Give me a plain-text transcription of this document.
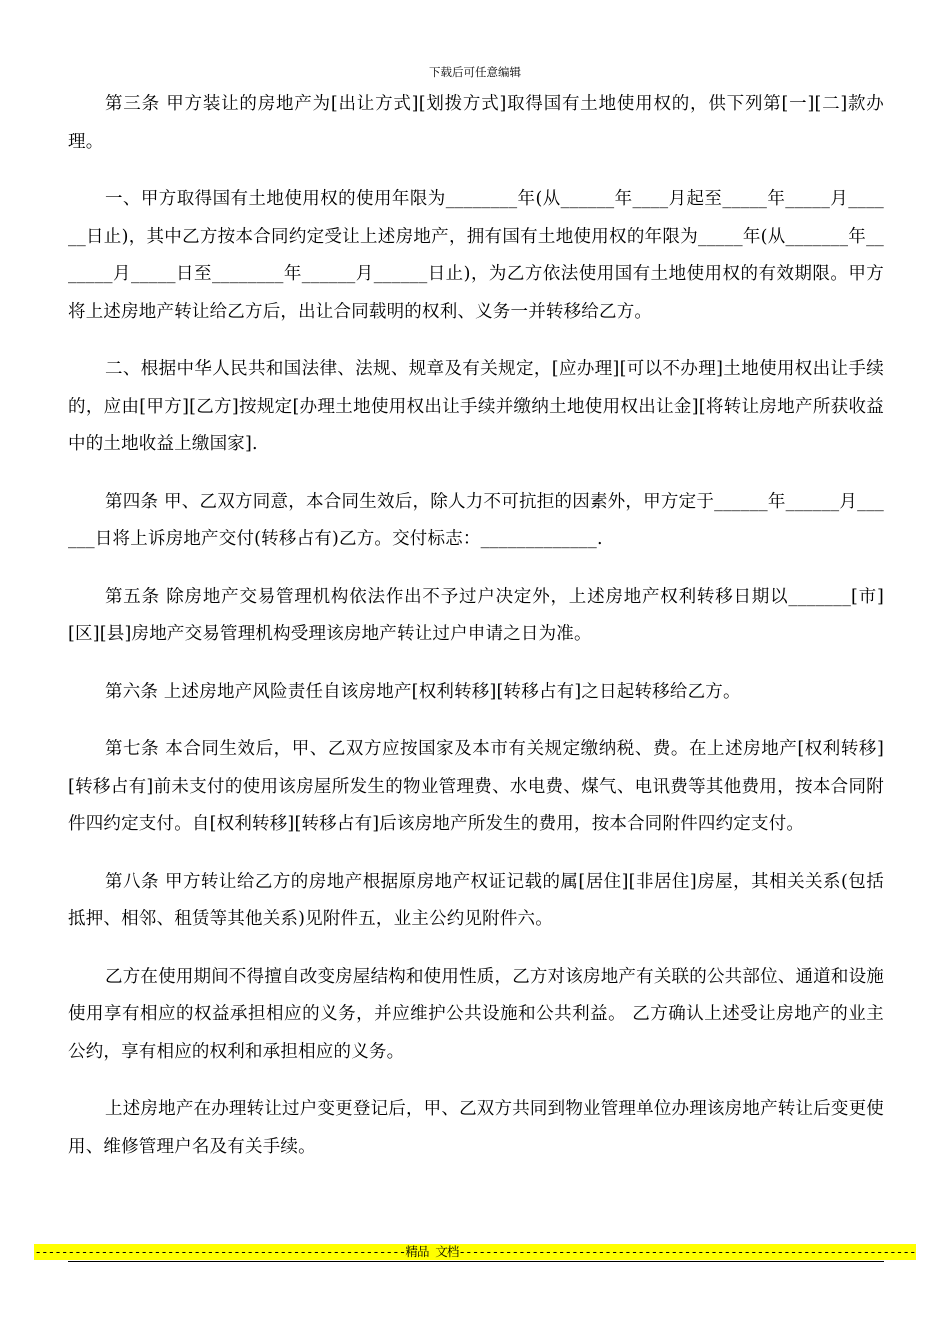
下载后可任意编辑

第三条 甲方装让的房地产为[出让方式][划拨方式]取得国有土地使用权的，供下列第[一][二]款办理。

一、甲方取得国有土地使用权的使用年限为________年(从______年____月起至_____年_____月______日止)，其中乙方按本合同约定受让上述房地产，拥有国有土地使用权的年限为_____年(从_______年_______月_____日至________年______月______日止)，为乙方依法使用国有土地使用权的有效期限。甲方将上述房地产转让给乙方后，出让合同载明的权利、义务一并转移给乙方。

二、根据中华人民共和国法律、法规、规章及有关规定，[应办理][可以不办理]土地使用权出让手续的，应由[甲方][乙方]按规定[办理土地使用权出让手续并缴纳土地使用权出让金][将转让房地产所获收益中的土地收益上缴国家].

第四条 甲、乙双方同意，本合同生效后，除人力不可抗拒的因素外，甲方定于______年______月______日将上诉房地产交付(转移占有)乙方。交付标志：_____________.

第五条 除房地产交易管理机构依法作出不予过户决定外，上述房地产权利转移日期以_______[市][区][县]房地产交易管理机构受理该房地产转让过户申请之日为准。

第六条 上述房地产风险责任自该房地产[权利转移][转移占有]之日起转移给乙方。

第七条 本合同生效后，甲、乙双方应按国家及本市有关规定缴纳税、费。在上述房地产[权利转移][转移占有]前未支付的使用该房屋所发生的物业管理费、水电费、煤气、电讯费等其他费用，按本合同附件四约定支付。自[权利转移][转移占有]后该房地产所发生的费用，按本合同附件四约定支付。

第八条 甲方转让给乙方的房地产根据原房地产权证记载的属[居住][非居住]房屋，其相关关系(包括抵押、相邻、租赁等其他关系)见附件五，业主公约见附件六。

乙方在使用期间不得擅自改变房屋结构和使用性质，乙方对该房地产有关联的公共部位、通道和设施使用享有相应的权益承担相应的义务，并应维护公共设施和公共利益。 乙方确认上述受让房地产的业主公约，享有相应的权利和承担相应的义务。

上述房地产在办理转让过户变更登记后，甲、乙双方共同到物业管理单位办理该房地产转让后变更使用、维修管理户名及有关手续。

--------------------------------------------------------精品 文档---------------------------------------------------------------------
